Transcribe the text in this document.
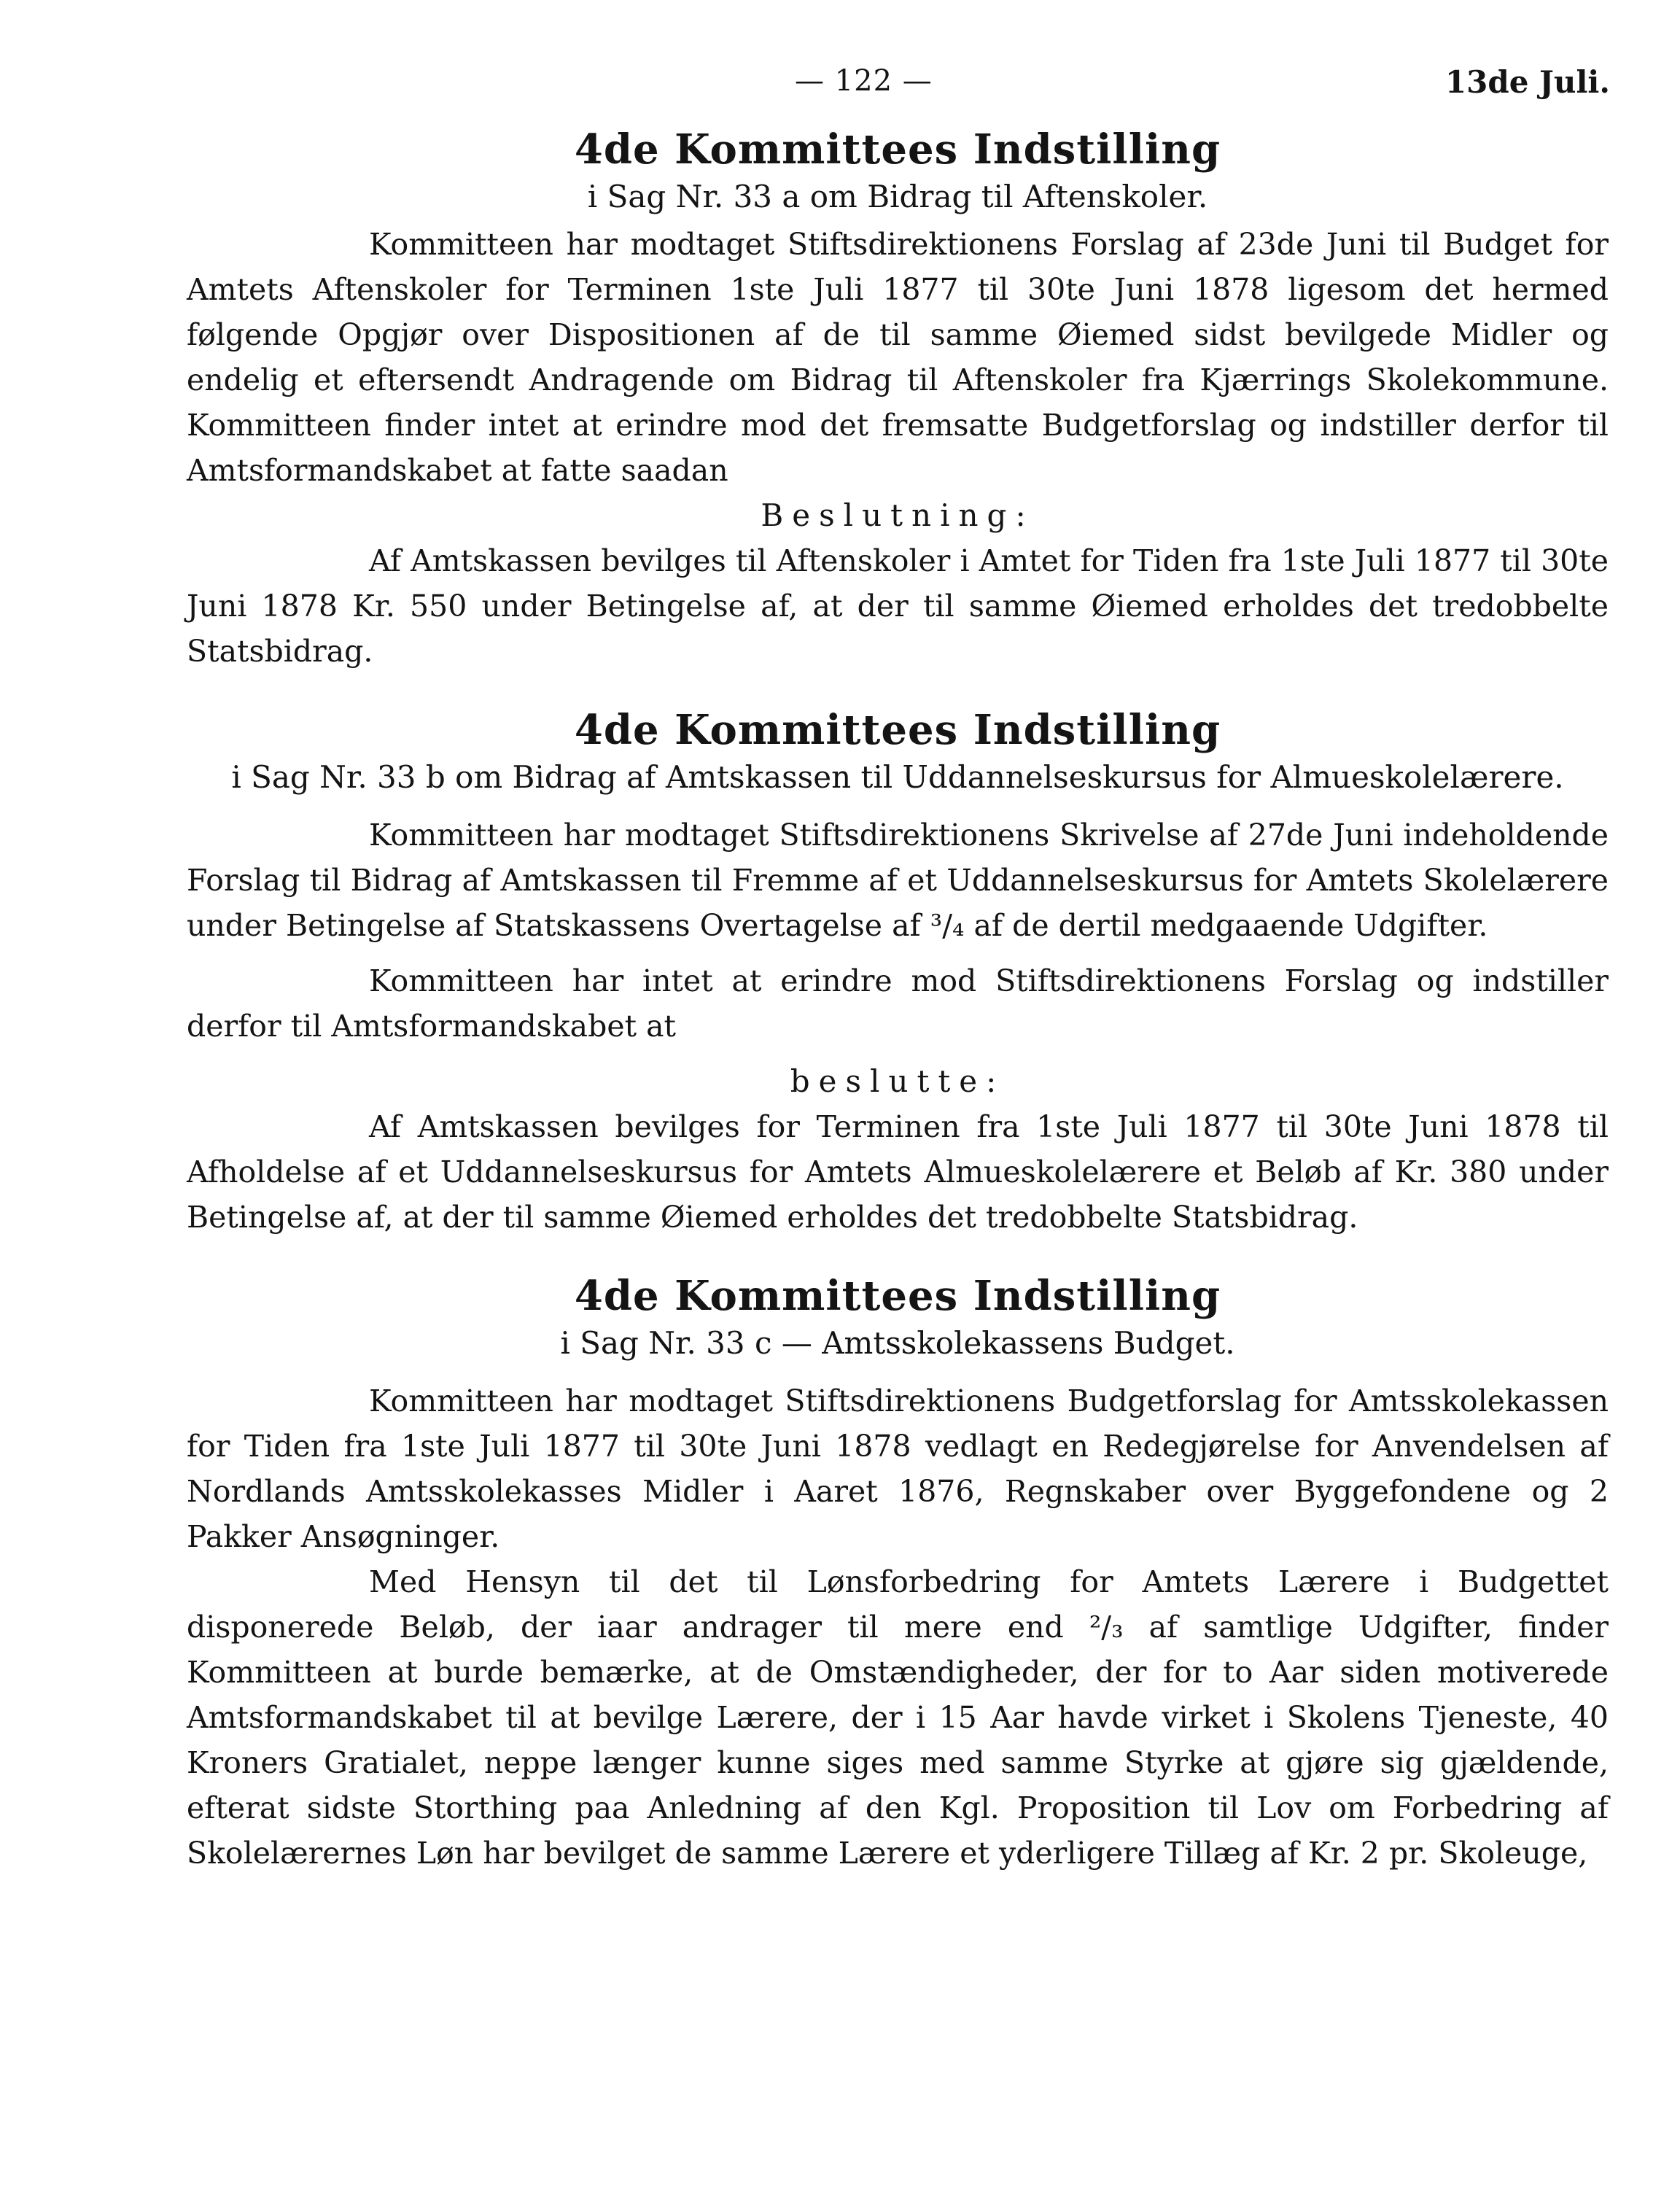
— 122 —	13de Juli.

4de Kommittees Indstilling

i Sag Nr. 33 a om Bidrag til Aftenskoler.

Kommitteen har modtaget Stiftsdirektionens Forslag af 23de Juni til Budget for Amtets Aftenskoler for Terminen 1ste Juli 1877 til 30te Juni 1878 ligesom det hermed følgende Opgjør over Dispositionen af de til samme Øiemed sidst bevilgede Midler og endelig et eftersendt Andragende om Bidrag til Aftenskoler fra Kjærrings Skolekommune. Kommitteen finder intet at erindre mod det fremsatte Budgetforslag og indstiller derfor til Amtsformandskabet at fatte saadan

Beslutning:

Af Amtskassen bevilges til Aftenskoler i Amtet for Tiden fra 1ste Juli 1877 til 30te Juni 1878 Kr. 550 under Betingelse af, at der til samme Øiemed erholdes det tredobbelte Statsbidrag.

4de Kommittees Indstilling

i Sag Nr. 33 b om Bidrag af Amtskassen til Uddannelseskursus for Almueskolelærere.

Kommitteen har modtaget Stiftsdirektionens Skrivelse af 27de Juni indeholdende Forslag til Bidrag af Amtskassen til Fremme af et Uddannelseskursus for Amtets Skolelærere under Betingelse af Statskassens Overtagelse af ³/₄ af de dertil medgaaende Udgifter.

Kommitteen har intet at erindre mod Stiftsdirektionens Forslag og indstiller derfor til Amtsformandskabet at

beslutte:

Af Amtskassen bevilges for Terminen fra 1ste Juli 1877 til 30te Juni 1878 til Afholdelse af et Uddannelseskursus for Amtets Almueskolelærere et Beløb af Kr. 380 under Betingelse af, at der til samme Øiemed erholdes det tredobbelte Statsbidrag.

4de Kommittees Indstilling

i Sag Nr. 33 c — Amtsskolekassens Budget.

Kommitteen har modtaget Stiftsdirektionens Budgetforslag for Amtsskolekassen for Tiden fra 1ste Juli 1877 til 30te Juni 1878 vedlagt en Redegjørelse for Anvendelsen af Nordlands Amtsskolekasses Midler i Aaret 1876, Regnskaber over Byggefondene og 2 Pakker Ansøgninger.

Med Hensyn til det til Lønsforbedring for Amtets Lærere i Budgettet disponerede Beløb, der iaar andrager til mere end ²/₃ af samtlige Udgifter, finder Kommitteen at burde bemærke, at de Omstændigheder, der for to Aar siden motiverede Amtsformandskabet til at bevilge Lærere, der i 15 Aar havde virket i Skolens Tjeneste, 40 Kroners Gratialet, neppe længer kunne siges med samme Styrke at gjøre sig gjældende, efterat sidste Storthing paa Anledning af den Kgl. Proposition til Lov om Forbedring af Skolelærernes Løn har bevilget de samme Lærere et yderligere Tillæg af Kr. 2 pr. Skoleuge,
